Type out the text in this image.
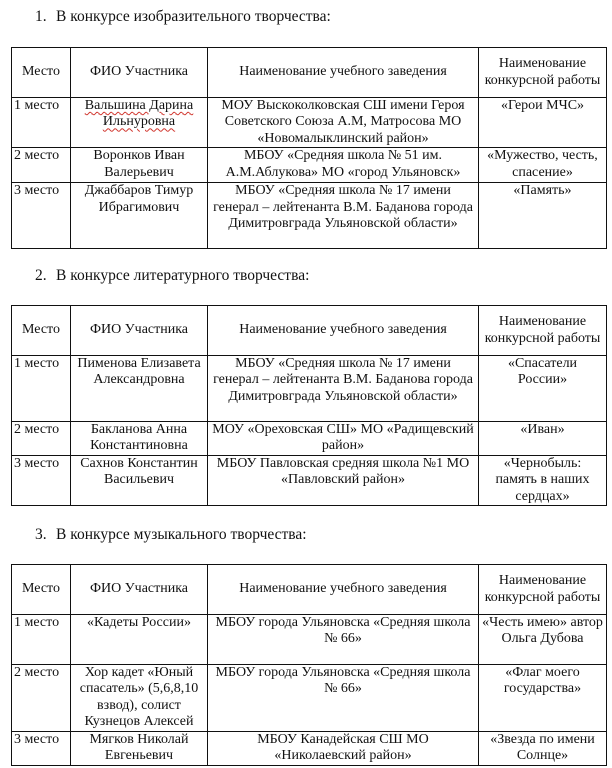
1. В конкурсе изобразительного творчества:
Место	ФИО Участника	Наименование учебного заведения	Наименование конкурсной работы
1 место	Вальшина Дарина Ильнуровна	МОУ Выскоколковская СШ имени Героя Советского Союза А.М, Матросова МО «Новомалыклинский район»	«Герои МЧС»
2 место	Воронков Иван Валерьевич	МБОУ «Средняя школа № 51 им. А.М.Аблукова» МО «город Ульяновск»	«Мужество, честь, спасение»
3 место	Джаббаров Тимур Ибрагимович	МБОУ «Средняя школа № 17 имени генерал – лейтенанта В.М. Баданова города Димитровграда Ульяновской области»	«Память»
2. В конкурсе литературного творчества:
Место	ФИО Участника	Наименование учебного заведения	Наименование конкурсной работы
1 место	Пименова Елизавета Александровна	МБОУ «Средняя школа № 17 имени генерал – лейтенанта В.М. Баданова города Димитровграда Ульяновской области»	«Спасатели России»
2 место	Бакланова Анна Константиновна	МОУ «Ореховская СШ» МО «Радищевский район»	«Иван»
3 место	Сахнов Константин Васильевич	МБОУ Павловская средняя школа №1 МО «Павловский район»	«Чернобыль: память в наших сердцах»
3. В конкурсе музыкального творчества:
Место	ФИО Участника	Наименование учебного заведения	Наименование конкурсной работы
1 место	«Кадеты России»	МБОУ города Ульяновска «Средняя школа № 66»	«Честь имею» автор Ольга Дубова
2 место	Хор кадет «Юный спасатель» (5,6,8,10 взвод), солист Кузнецов Алексей	МБОУ города Ульяновска «Средняя школа № 66»	«Флаг моего государства»
3 место	Мягков Николай Евгеньевич	МБОУ Канадейская СШ МО «Николаевский район»	«Звезда по имени Солнце»
